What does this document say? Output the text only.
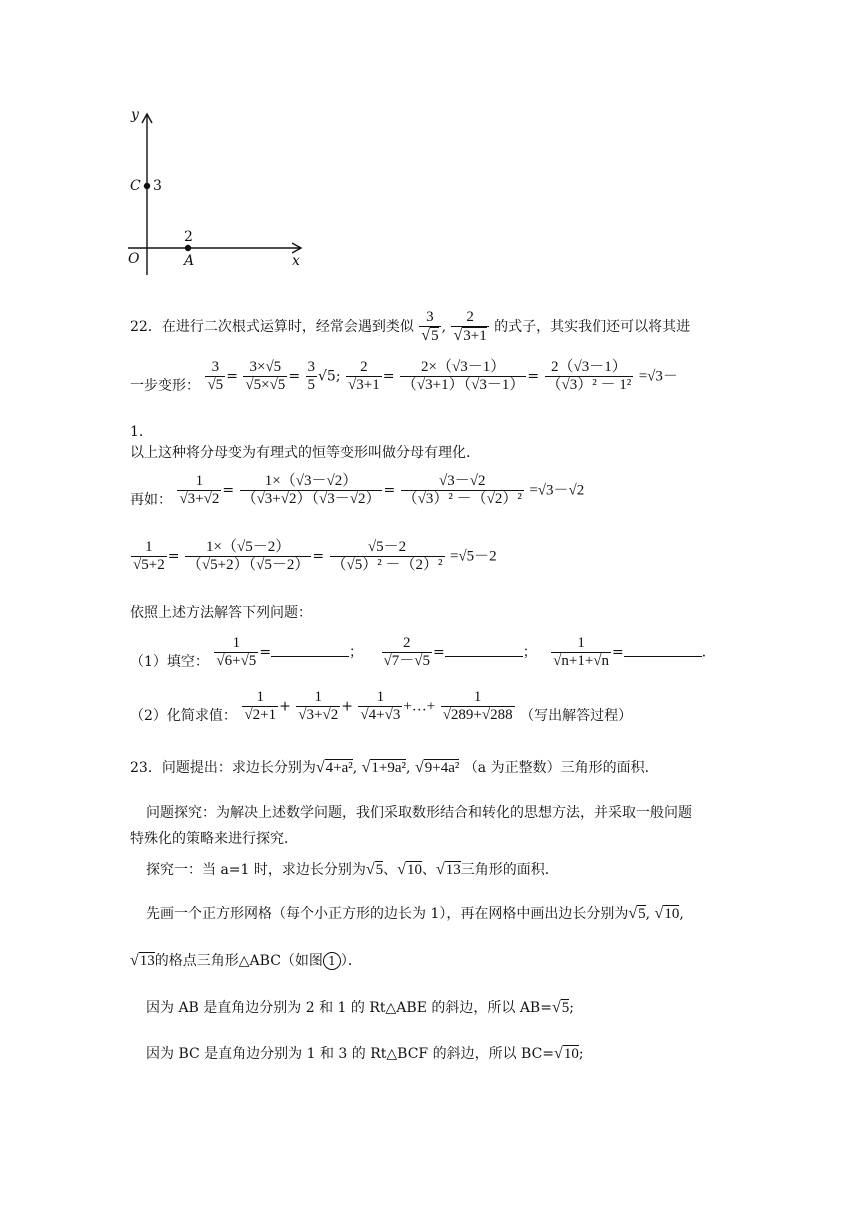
y
x
O
C 3
A
2
22．在进行二次根式运算时，经常会遇到类似 3
√ 5 , 2
√ 3+1 的式子，其实我们还可以将其进
一步变形： $\frac{3}{√5} = \frac{3\times√5}{√5\times√5} = \frac{3}{5} √5$; $\frac{2}{√3+1} = \frac{2\times(√3-1)}{(√3+1)(√3-1)} = \frac{2(√3-1)}{\text{（√3）² － 1²}} =√3-$
1．
以上这种将分母变为有理式的恒等变形叫做分母有理化．
再如： $\frac{1}{√3+√2} = \frac{1\times(√3-√2)}{(√3+√2)(√3-√2)} = \frac{√3-√2}{\text{（√3）² －（√2）²}} =√3-√2$
$\frac{1}{√5+2} = \frac{1\times(√5-2)}{(√5+2)(√5-2)} = \frac{√5-2}{\text{（√5）² －（2）²}} =√5-2$
依照上述方法解答下列问题：
（1）填空： $\frac{1}{√6+√5}$ =	； $\frac{2}{√7-√5}$ =	； $\frac{1}{√n+1+√n}$ =	．
（2）化简求值： $\frac{1}{√2+1} + \frac{1}{√3+√2} + \frac{1}{√4+√3}$ +…+ $\frac{1}{√289+√288}$ （写出解答过程）
23．问题提出：求边长分别为 √ 4+a², √ 1+9a², √ 9+4a² （a 为正整数）三角形的面积．
问题探究：为解决上述数学问题，我们采取数形结合和转化的思想方法，并采取一般问题
特殊化的策略来进行探究．
探究一：当 a=1 时，求边长分别为 √ 5、 √ 10、 √ 13三角形的面积．
先画一个正方形网格（每个小正方形的边长为 1），再在网格中画出边长分别为 √ 5, √ 10,
√ 13的格点三角形△ABC（如图 1 ）．
因为 AB 是直角边分别为 2 和 1 的 Rt△ABE 的斜边，所以 AB= √ 5;
因为 BC 是直角边分别为 1 和 3 的 Rt△BCF 的斜边，所以 BC= √ 10;
